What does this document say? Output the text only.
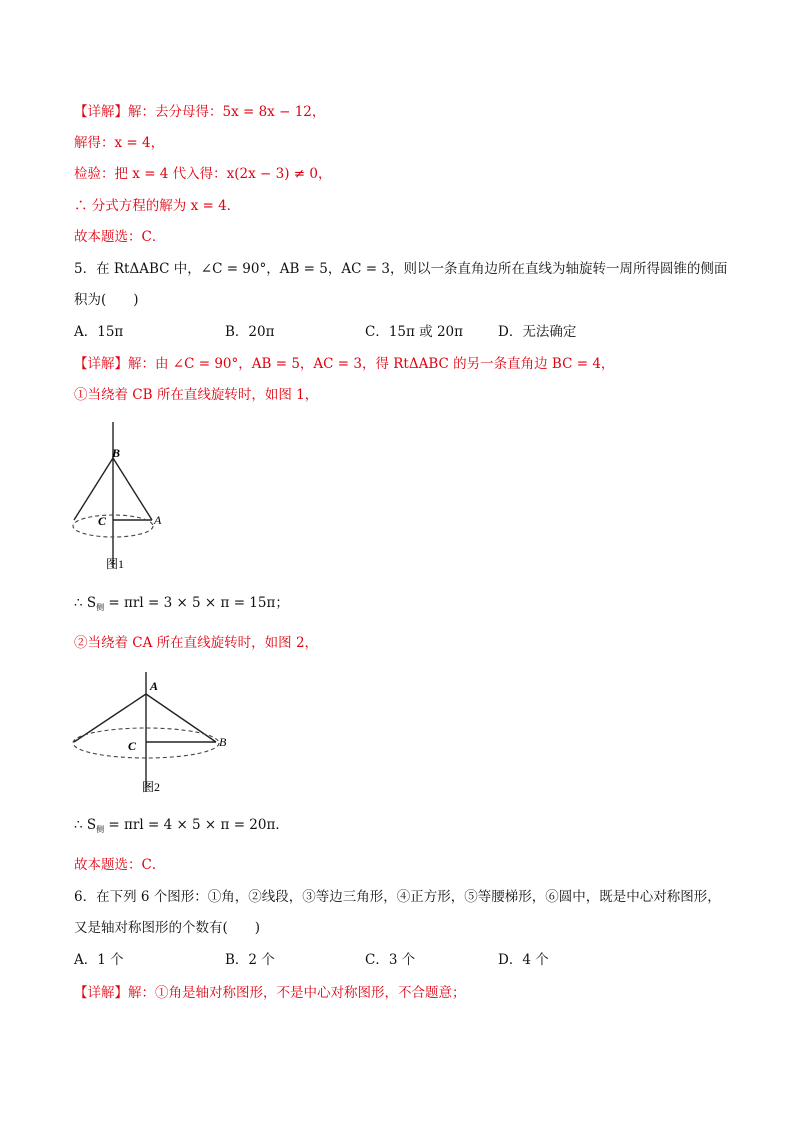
【详解】解：去分母得：5x = 8x − 12，
解得：x = 4，
检验：把 x = 4 代入得：x(2x − 3) ≠ 0，
∴ 分式方程的解为 x = 4．
故本题选：C．
5．在 RtΔABC 中，∠C = 90°，AB = 5，AC = 3，则以一条直角边所在直线为轴旋转一周所得圆锥的侧面
积为(　　)
A．15π	B．20π	C．15π 或 20π	D．无法确定
【详解】解：由 ∠C = 90°，AB = 5，AC = 3，得 RtΔABC 的另一条直角边 BC = 4，
①当绕着 CB 所在直线旋转时，如图 1，
B
C	A
图1
∴ $S_侧 = \pi rl = 3 \times 5 \times \pi = 15\pi$；
②当绕着 CA 所在直线旋转时，如图 2，
A
C	B
图2
∴ $S_侧 = \pi rl = 4 \times 5 \times \pi = 20\pi$．
故本题选：C．
6．在下列 6 个图形：①角，②线段，③等边三角形，④正方形，⑤等腰梯形，⑥圆中，既是中心对称图形，
又是轴对称图形的个数有(　　)
A．1 个	B．2 个	C．3 个	D．4 个
【详解】解：①角是轴对称图形，不是中心对称图形，不合题意；
